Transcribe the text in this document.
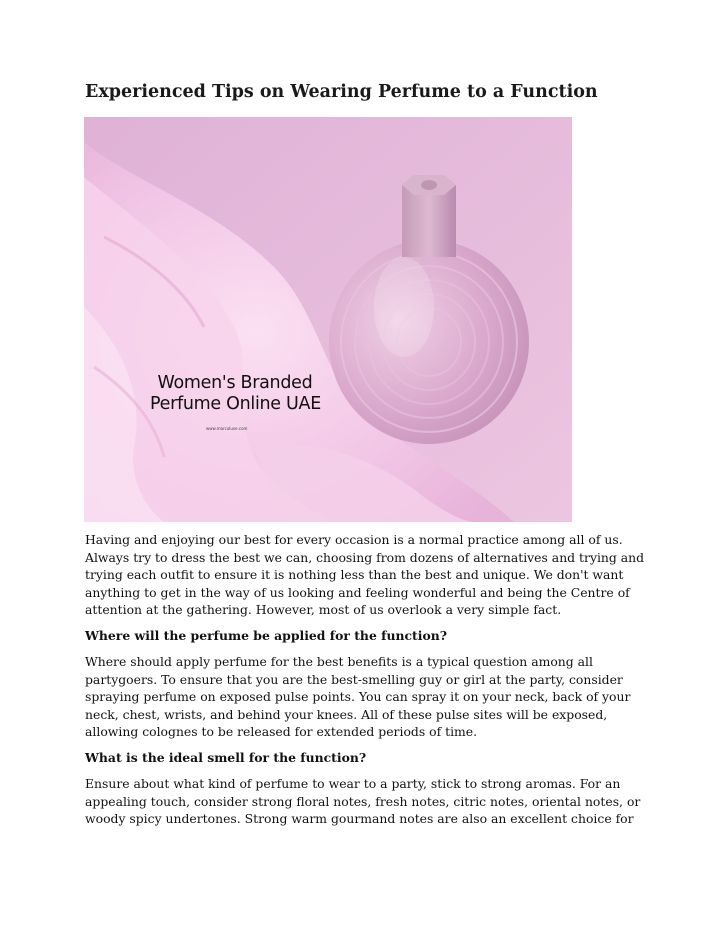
Experienced Tips on Wearing Perfume to a Function
Women's Branded
Perfume Online UAE
www.marcoluxe.com

Having and enjoying our best for every occasion is a normal practice among all of us.
Always try to dress the best we can, choosing from dozens of alternatives and trying and
trying each outfit to ensure it is nothing less than the best and unique. We don't want
anything to get in the way of us looking and feeling wonderful and being the Centre of
attention at the gathering. However, most of us overlook a very simple fact.

Where will the perfume be applied for the function?

Where should apply perfume for the best benefits is a typical question among all
partygoers. To ensure that you are the best-smelling guy or girl at the party, consider
spraying perfume on exposed pulse points. You can spray it on your neck, back of your
neck, chest, wrists, and behind your knees. All of these pulse sites will be exposed,
allowing colognes to be released for extended periods of time.

What is the ideal smell for the function?

Ensure about what kind of perfume to wear to a party, stick to strong aromas. For an
appealing touch, consider strong floral notes, fresh notes, citric notes, oriental notes, or
woody spicy undertones. Strong warm gourmand notes are also an excellent choice for
